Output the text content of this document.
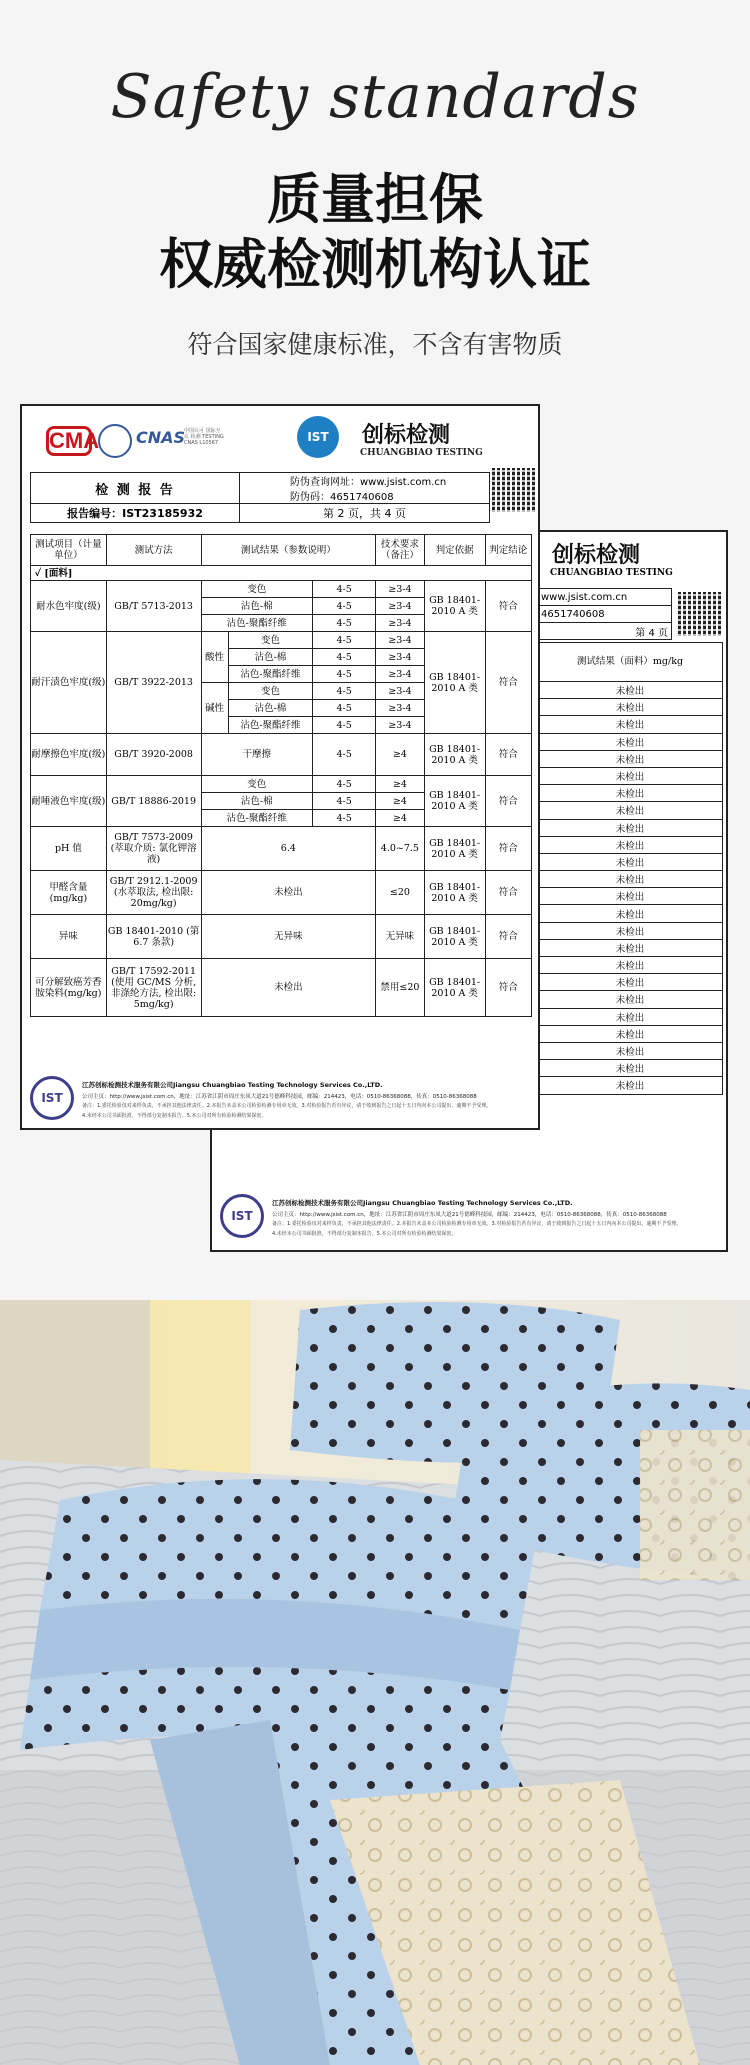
Safety standards
质量担保
权威检测机构认证
符合国家健康标准，不含有害物质
创标检测
CHUANGBIAO TESTING
www.jsist.com.cn
4651740608
第 4 页
测试结果（面料）mg/kg
未检出
未检出
未检出
未检出
未检出
未检出
未检出
未检出
未检出
未检出
未检出
未检出
未检出
未检出
未检出
未检出
未检出
未检出
未检出
未检出
未检出
未检出
未检出
未检出
IST
江苏创标检测技术服务有限公司Jiangsu Chuangbiao Testing Technology Services Co.,LTD.
公司主页：http://www.jsist.com.cn，地址：江苏省江阴市周庄东凤大道21号德峰科技园，邮编：214423，电话：0510-86368088，传真：0510-86368088
备注：1.委托检验仅对来样负责，不承担其他法律责任。2.本报告未盖本公司检验检测专用章无效。3.对检验报告若有异议，请于收到报告之日起十五日内向本公司提出，逾期不予受理。
4.未经本公司书面批准，不得部分复制本报告。5.本公司对所有检验检测结果保密。
CMA CNAS
中国认可 国际互认 检测 TESTING CNAS L10567	IST	创标检测
CHUANGBIAO TESTING
检 测 报 告	防伪查询网址：www.jsist.com.cn
防伪码：4651740608
报告编号：IST23185932	第 2 页，共 4 页
测试项目（计量单位）	测试方法	测试结果（参数说明）			技术要求（备注）	判定依据	判定结论
✓ [面料]							
耐水色牢度(级)	GB/T 5713-2013	变色		4-5	≥3-4	GB 18401-2010 A 类	符合
		沾色-棉		4-5	≥3-4		
		沾色-聚酯纤维		4-5	≥3-4		
耐汗渍色牢度(级)	GB/T 3922-2013	酸性	变色	4-5	≥3-4	GB 18401-2010 A 类	符合
			沾色-棉	4-5	≥3-4		
			沾色-聚酯纤维	4-5	≥3-4		
		碱性	变色	4-5	≥3-4		
			沾色-棉	4-5	≥3-4		
			沾色-聚酯纤维	4-5	≥3-4		
耐摩擦色牢度(级)	GB/T 3920-2008	干摩擦		4-5	≥4	GB 18401-2010 A 类	符合
耐唾液色牢度(级)	GB/T 18886-2019	变色		4-5	≥4	GB 18401-2010 A 类	符合
		沾色-棉		4-5	≥4		
		沾色-聚酯纤维		4-5	≥4		
pH 值	GB/T 7573-2009 (萃取介质: 氯化钾溶液)	6.4			4.0~7.5	GB 18401-2010 A 类	符合
甲醛含量(mg/kg)	GB/T 2912.1-2009 (水萃取法, 检出限: 20mg/kg)	未检出			≤20	GB 18401-2010 A 类	符合
异味	GB 18401-2010 (第 6.7 条款)	无异味			无异味	GB 18401-2010 A 类	符合
可分解致癌芳香胺染料(mg/kg)	GB/T 17592-2011 (使用 GC/MS 分析, 非涤纶方法, 检出限: 5mg/kg)	未检出			禁用≤20	GB 18401-2010 A 类	符合
IST
江苏创标检测技术服务有限公司Jiangsu Chuangbiao Testing Technology Services Co.,LTD.
公司主页：http://www.jsist.com.cn，地址：江苏省江阴市周庄东凤大道21号德峰科技园，邮编：214423，电话：0510-86368088，传真：0510-86368088
备注：1.委托检验仅对来样负责，不承担其他法律责任。2.本报告未盖本公司检验检测专用章无效。3.对检验报告若有异议，请于收到报告之日起十五日内向本公司提出，逾期不予受理。
4.未经本公司书面批准，不得部分复制本报告。5.本公司对所有检验检测结果保密。
